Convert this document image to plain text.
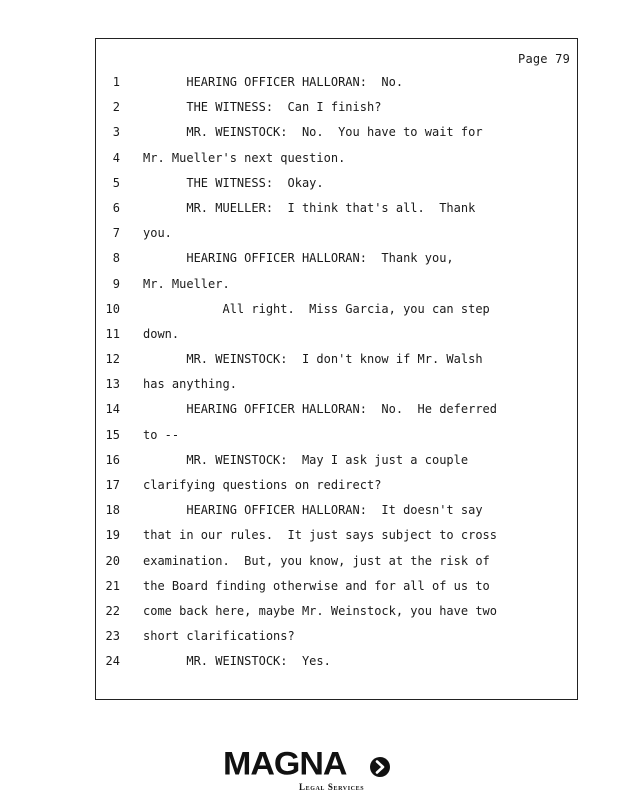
Page 79
1 HEARING OFFICER HALLORAN:  No.
2 THE WITNESS:  Can I finish?
3 MR. WEINSTOCK:  No.  You have to wait for
4 Mr. Mueller's next question.
5 THE WITNESS:  Okay.
6 MR. MUELLER:  I think that's all.  Thank
7 you.
8 HEARING OFFICER HALLORAN:  Thank you,
9 Mr. Mueller.
10 All right.  Miss Garcia, you can step
11 down.
12 MR. WEINSTOCK:  I don't know if Mr. Walsh
13 has anything.
14 HEARING OFFICER HALLORAN:  No.  He deferred
15 to --
16 MR. WEINSTOCK:  May I ask just a couple
17 clarifying questions on redirect?
18 HEARING OFFICER HALLORAN:  It doesn't say
19 that in our rules.  It just says subject to cross
20 examination.  But, you know, just at the risk of
21 the Board finding otherwise and for all of us to
22 come back here, maybe Mr. Weinstock, you have two
23 short clarifications?
24 MR. WEINSTOCK:  Yes.
MAGNA
Legal Services
